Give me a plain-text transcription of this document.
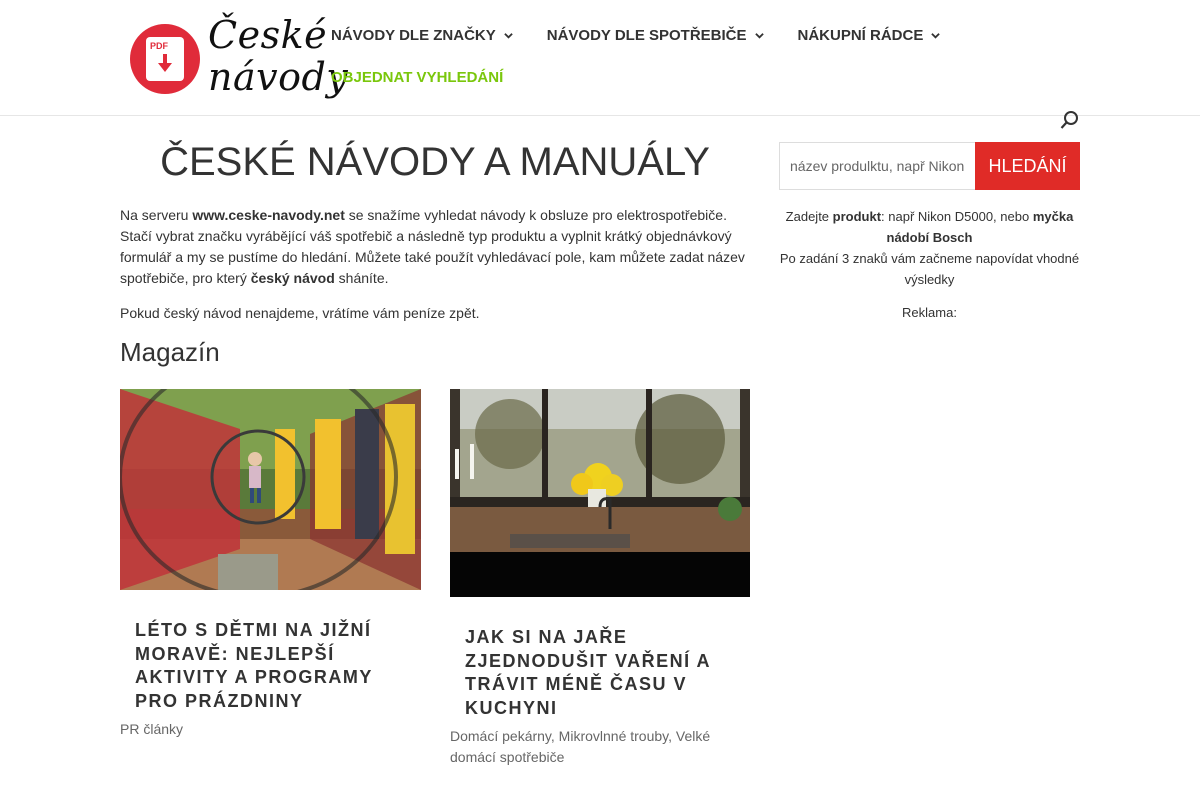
PDF České
návody
NÁVODY DLE ZNAČKY	NÁVODY DLE SPOTŘEBIČE	NÁKUPNÍ RÁDCE
OBJEDNAT VYHLEDÁNÍ
ČESKÉ NÁVODY A MANUÁLY

Na serveru www.ceske-navody.net se snažíme vyhledat návody k obsluze pro elektrospotřebiče. Stačí vybrat značku vyrábějící váš spotřebič a následně typ produktu a vyplnit krátký objednávkový formulář a my se pustíme do hledání. Můžete také použít vyhledávací pole, kam můžete zadat název spotřebiče, pro který český návod sháníte.

Pokud český návod nenajdeme, vrátíme vám peníze zpět.

Magazín
LÉTO S DĚTMI NA JIŽNÍ MORAVĚ: NEJLEPŠÍ AKTIVITY A PROGRAMY PRO PRÁZDNINY
PR články
JAK SI NA JAŘE ZJEDNODUŠIT VAŘENÍ A TRÁVIT MÉNĚ ČASU V KUCHYNI
Domácí pekárny, Mikrovlnné trouby, Velké domácí spotřebiče
název produlktu, např Nikon
HLEDÁNÍ
Zadejte produkt: např Nikon D5000, nebo myčka nádobí Bosch
Po zadání 3 znaků vám začneme napovídat vhodné výsledky
Reklama:
